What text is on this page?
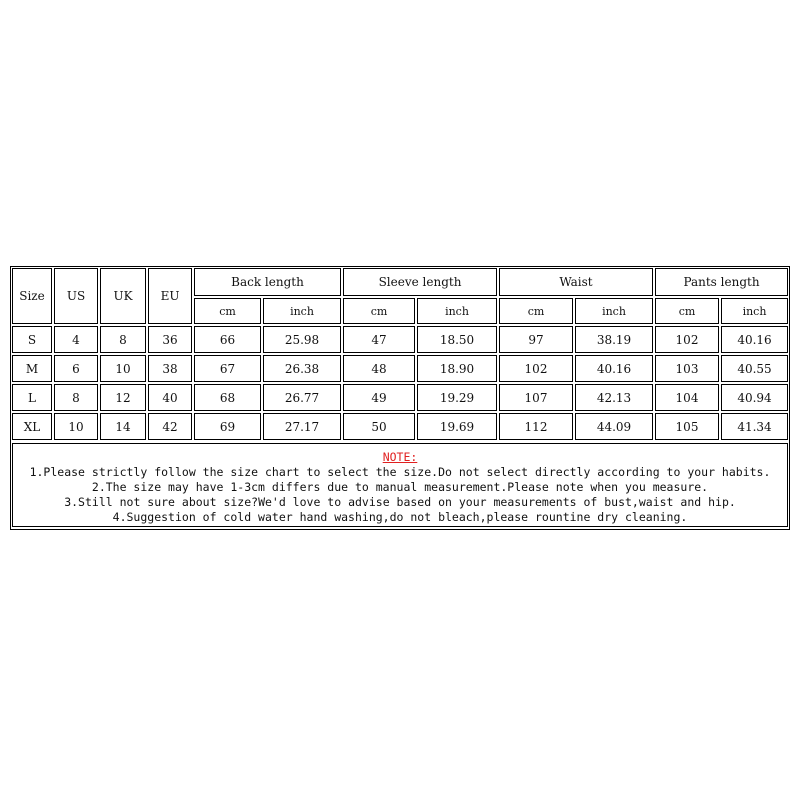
Size	US	UK	EU
Back length	Sleeve length	Waist	Pants length
cm	inch	cm	inch	cm	inch	cm	inch
S	4	8	36	66	25.98	47	18.50	97	38.19	102	40.16
M	6	10	38	67	26.38	48	18.90	102	40.16	103	40.55
L	8	12	40	68	26.77	49	19.29	107	42.13	104	40.94
XL	10	14	42	69	27.17	50	19.69	112	44.09	105	41.34
NOTE:
1.Please strictly follow the size chart to select the size.Do not select directly according to your habits.
2.The size may have 1-3cm differs due to manual measurement.Please note when you measure.
3.Still not sure about size?We'd love to advise based on your measurements of bust,waist and hip.
4.Suggestion of cold water hand washing,do not bleach,please rountine dry cleaning.
